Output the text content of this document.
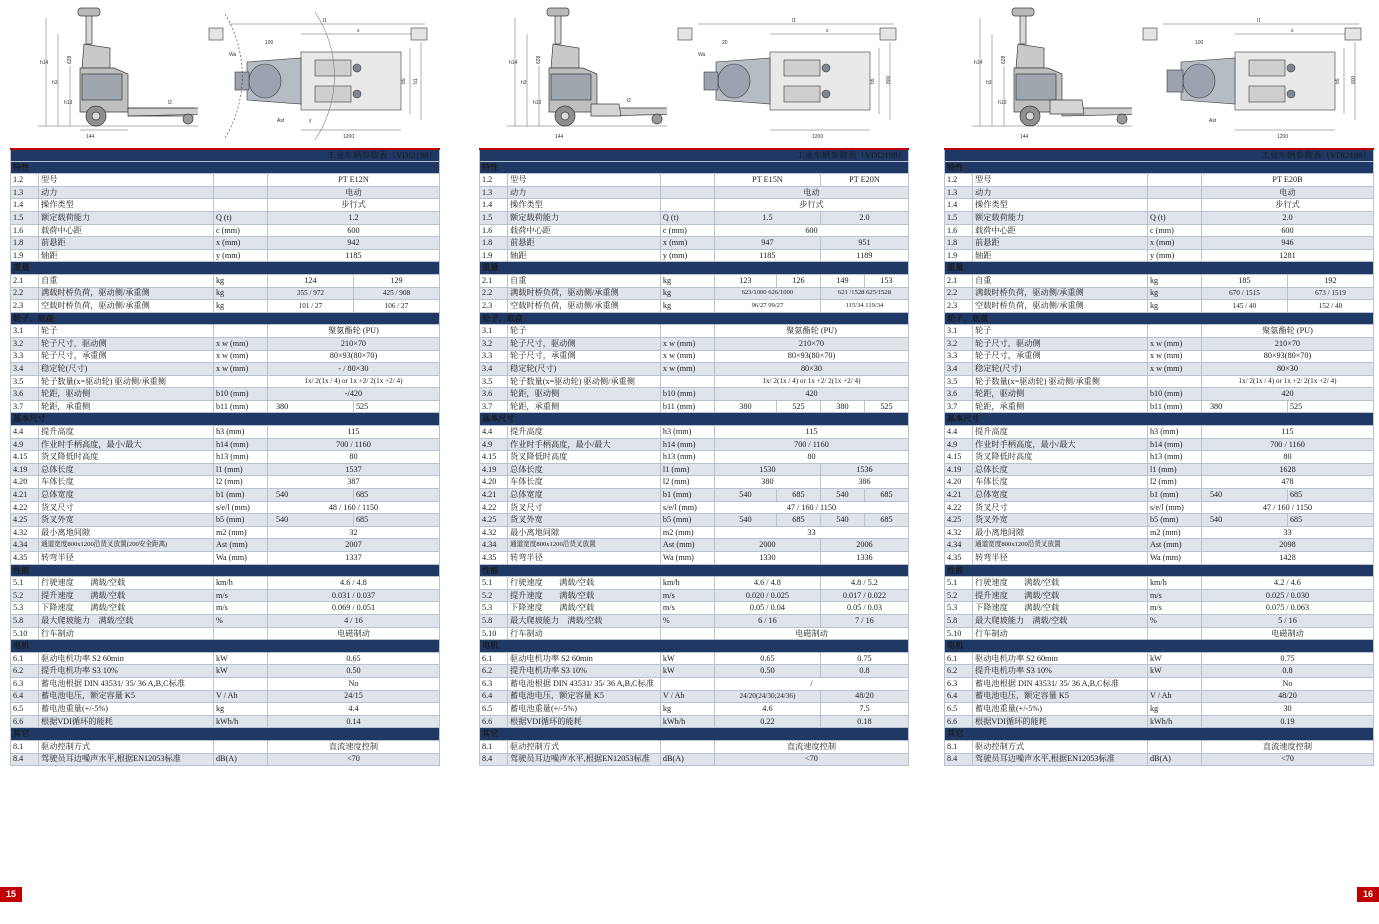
h14
h3
h13
628
144
l2
l1
x
100
1200
y
b5 b1
Ast
Wa
工业车辆参数表（VDI2198）				
特性				
1.2	型号		PT E12N	
1.3	动力		电动	
1.4	操作类型		步行式	
1.5	额定载荷能力	Q (t)	1.2	
1.6	载荷中心距	c (mm)	600	
1.8	前悬距	x (mm)	942	
1.9	轴距	y (mm)	1185	
重量				
2.1	自重	kg	124	129
2.2	满载时桥负荷，驱动侧/承重侧	kg	355 / 972	425 / 908
2.3	空载时桥负荷，驱动侧/承重侧	kg	101 / 27	106 / 27
轮子、底盘				
3.1	轮子		聚氨酯轮 (PU)	
3.2	轮子尺寸，驱动侧	x w (mm)	210×70	
3.3	轮子尺寸，承重侧	x w (mm)	80×93(80×70)	
3.4	稳定轮(尺寸)	x w (mm)	- / 80×30	
3.5	轮子数量(x=驱动轮) 驱动侧/承重侧		1x/ 2(1x / 4) or 1x +2/ 2(1x +2/ 4)	
3.6	轮距，驱动侧	b10 (mm)	-/420	
3.7	轮距，承重侧	b11 (mm)	380	525
基本尺寸				
4.4	提升高度	h3 (mm)	115	
4.9	作业时手柄高度，最小/最大	h14 (mm)	700 / 1160	
4.15	货叉降低时高度	h13 (mm)	80	
4.19	总体长度	l1 (mm)	1537	
4.20	车体长度	l2 (mm)	387	
4.21	总体宽度	b1 (mm)	540	685
4.22	货叉尺寸	s/e/l (mm)	48 / 160 / 1150	
4.25	货叉外宽	b5 (mm)	540	685
4.32	最小离地间隙	m2 (mm)	32	
4.34	通道宽度800x1200沿货叉放置(200安全距离)	Ast (mm)	2007	
4.35	转弯半径	Wa (mm)	1337	
性能				
5.1	行驶速度　　满载/空载	km/h	4.6 / 4.8	
5.2	提升速度　　满载/空载	m/s	0.031 / 0.037	
5.3	下降速度　　满载/空载	m/s	0.069 / 0.051	
5.8	最大爬坡能力　满载/空载	%	4 / 16	
5.10	行车制动		电磁制动	
电机				
6.1	驱动电机功率 S2 60min	kW	0.65	
6.2	提升电机功率 S3 10%	kW	0.50	
6.3	蓄电池根据 DIN 43531/ 35/ 36 A,B,C标准		No	
6.4	蓄电池电压，额定容量 K5	V / Ah	24/15	
6.5	蓄电池重量(+/-5%)	kg	4.4	
6.6	根据VDI循环的能耗	kWh/h	0.14	
其它				
8.1	驱动控制方式		直流速度控制	
8.4	驾驶员耳边噪声水平,根据EN12053标准	dB(A)	<70	
h14
h3
h13
628
144
l2
l1
x
20
1200
b5 800
Wa
工业车辆参数表（VDI2198）						
特性						
1.2	型号		PT E15N		PT E20N	
1.3	动力		电动			
1.4	操作类型		步行式			
1.5	额定载荷能力	Q (t)	1.5		2.0	
1.6	载荷中心距	c (mm)	600			
1.8	前悬距	x (mm)	947		951	
1.9	轴距	y (mm)	1185		1189	
重量						
2.1	自重	kg	123	126	149	153
2.2	满载时桥负荷，驱动侧/承重侧	kg	623/1000 626/1000		621 /1528 625/1528	
2.3	空载时桥负荷，驱动侧/承重侧	kg	96/27 99/27		115/34 119/34	
轮子、底盘						
3.1	轮子		聚氨酯轮 (PU)			
3.2	轮子尺寸，驱动侧	x w (mm)	210×70			
3.3	轮子尺寸，承重侧	x w (mm)	80×93(80×70)			
3.4	稳定轮(尺寸)	x w (mm)	80×30			
3.5	轮子数量(x=驱动轮) 驱动侧/承重侧		1x/ 2(1x / 4) or 1x +2/ 2(1x +2/ 4)			
3.6	轮距，驱动侧	b10 (mm)	420			
3.7	轮距，承重侧	b11 (mm)	380	525	380	525
基本尺寸						
4.4	提升高度	h3 (mm)	115			
4.9	作业时手柄高度，最小/最大	h14 (mm)	700 / 1160			
4.15	货叉降低时高度	h13 (mm)	80			
4.19	总体长度	l1 (mm)	1530		1536	
4.20	车体长度	l2 (mm)	380		386	
4.21	总体宽度	b1 (mm)	540	685	540	685
4.22	货叉尺寸	s/e/l (mm)	47 / 160 / 1150			
4.25	货叉外宽	b5 (mm)	540	685	540	685
4.32	最小离地间隙	m2 (mm)	33			
4.34	通道宽度800x1200沿货叉放置	Ast (mm)	2000		2006	
4.35	转弯半径	Wa (mm)	1330		1336	
性能						
5.1	行驶速度　　满载/空载	km/h	4.6 / 4.8		4.8 / 5.2	
5.2	提升速度　　满载/空载	m/s	0.020 / 0.025		0.017 / 0.022	
5.3	下降速度　　满载/空载	m/s	0.05 / 0.04		0.05 / 0.03	
5.8	最大爬坡能力　满载/空载	%	6 / 16		7 / 16	
5.10	行车制动		电磁制动			
电机						
6.1	驱动电机功率 S2 60min	kW	0.65		0.75	
6.2	提升电机功率 S3 10%	kW	0.50		0.8	
6.3	蓄电池根据 DIN 43531/ 35/ 36 A,B,C标准		/			
6.4	蓄电池电压，额定容量 K5	V / Ah	24/20(24/30;24/36)		48/20	
6.5	蓄电池重量(+/-5%)	kg	4.6		7.5	
6.6	根据VDI循环的能耗	kWh/h	0.22		0.18	
其它						
8.1	驱动控制方式		直流速度控制			
8.4	驾驶员耳边噪声水平,根据EN12053标准	dB(A)	<70			
h14
h3
h13
628
144
l1
x
100
1200
b5 800
Ast
工业车辆参数表（VDI2198）				
特性				
1.2	型号		PT E20B	
1.3	动力		电动	
1.4	操作类型		步行式	
1.5	额定载荷能力	Q (t)	2.0	
1.6	载荷中心距	c (mm)	600	
1.8	前悬距	x (mm)	946	
1.9	轴距	y (mm)	1281	
重量				
2.1	自重	kg	185	192
2.2	满载时桥负荷，驱动侧/承重侧	kg	670 / 1515	673 / 1519
2.3	空载时桥负荷，驱动侧/承重侧	kg	145 / 40	152 / 40
轮子、底盘				
3.1	轮子		聚氨酯轮 (PU)	
3.2	轮子尺寸，驱动侧	x w (mm)	210×70	
3.3	轮子尺寸，承重侧	x w (mm)	80×93(80×70)	
3.4	稳定轮(尺寸)	x w (mm)	80×30	
3.5	轮子数量(x=驱动轮) 驱动侧/承重侧		1x/ 2(1x / 4) or 1x +2/ 2(1x +2/ 4)	
3.6	轮距，驱动侧	b10 (mm)	420	
3.7	轮距，承重侧	b11 (mm)	380	525
基本尺寸				
4.4	提升高度	h3 (mm)	115	
4.9	作业时手柄高度，最小/最大	h14 (mm)	700 / 1160	
4.15	货叉降低时高度	h13 (mm)	80	
4.19	总体长度	l1 (mm)	1628	
4.20	车体长度	l2 (mm)	478	
4.21	总体宽度	b1 (mm)	540	685
4.22	货叉尺寸	s/e/l (mm)	47 / 160 / 1150	
4.25	货叉外宽	b5 (mm)	540	685
4.32	最小离地间隙	m2 (mm)	33	
4.34	通道宽度800x1200沿货叉放置	Ast (mm)	2098	
4.35	转弯半径	Wa (mm)	1428	
性能				
5.1	行驶速度　　满载/空载	km/h	4.2 / 4.6	
5.2	提升速度　　满载/空载	m/s	0.025 / 0.030	
5.3	下降速度　　满载/空载	m/s	0.075 / 0.063	
5.8	最大爬坡能力　满载/空载	%	5 / 16	
5.10	行车制动		电磁制动	
电机				
6.1	驱动电机功率 S2 60min	kW	0.75	
6.2	提升电机功率 S3 10%	kW	0.8	
6.3	蓄电池根据 DIN 43531/ 35/ 36 A,B,C标准		No	
6.4	蓄电池电压，额定容量 K5	V / Ah	48/20	
6.5	蓄电池重量(+/-5%)	kg	30	
6.6	根据VDI循环的能耗	kWh/h	0.19	
其它				
8.1	驱动控制方式		直流速度控制	
8.4	驾驶员耳边噪声水平,根据EN12053标准	dB(A)	<70	
15	16
